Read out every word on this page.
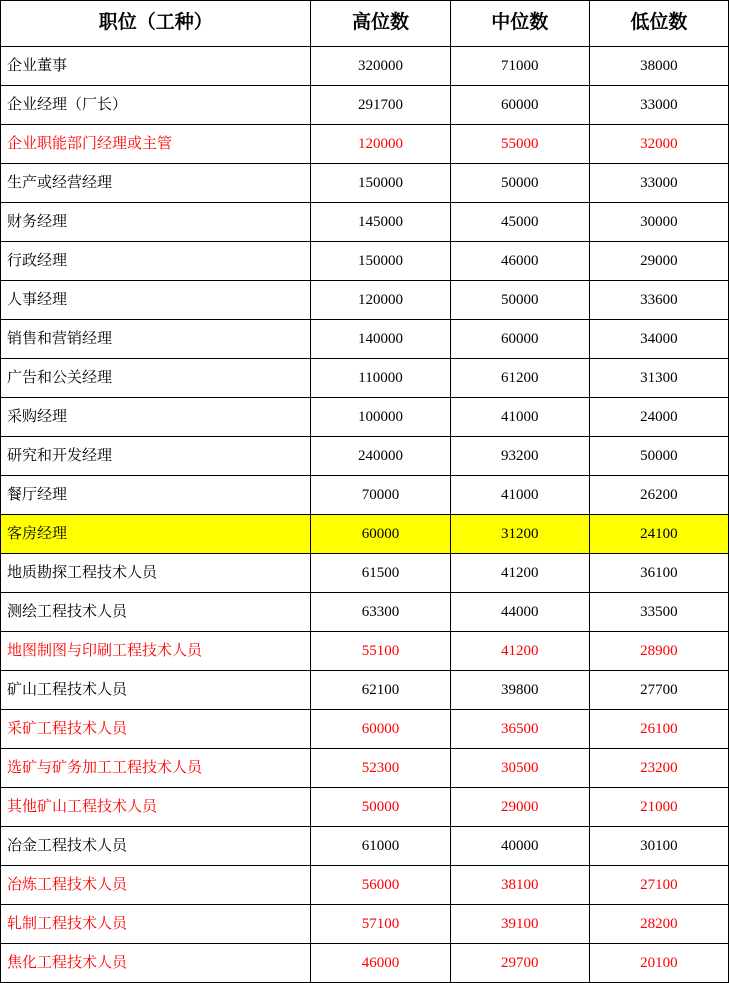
职位（工种）	高位数	中位数	低位数
企业董事	320000	71000	38000
企业经理（厂长）	291700	60000	33000
企业职能部门经理或主管	120000	55000	32000
生产或经营经理	150000	50000	33000
财务经理	145000	45000	30000
行政经理	150000	46000	29000
人事经理	120000	50000	33600
销售和营销经理	140000	60000	34000
广告和公关经理	110000	61200	31300
采购经理	100000	41000	24000
研究和开发经理	240000	93200	50000
餐厅经理	70000	41000	26200
客房经理	60000	31200	24100
地质勘探工程技术人员	61500	41200	36100
测绘工程技术人员	63300	44000	33500
地图制图与印刷工程技术人员	55100	41200	28900
矿山工程技术人员	62100	39800	27700
采矿工程技术人员	60000	36500	26100
选矿与矿务加工工程技术人员	52300	30500	23200
其他矿山工程技术人员	50000	29000	21000
冶金工程技术人员	61000	40000	30100
冶炼工程技术人员	56000	38100	27100
轧制工程技术人员	57100	39100	28200
焦化工程技术人员	46000	29700	20100
